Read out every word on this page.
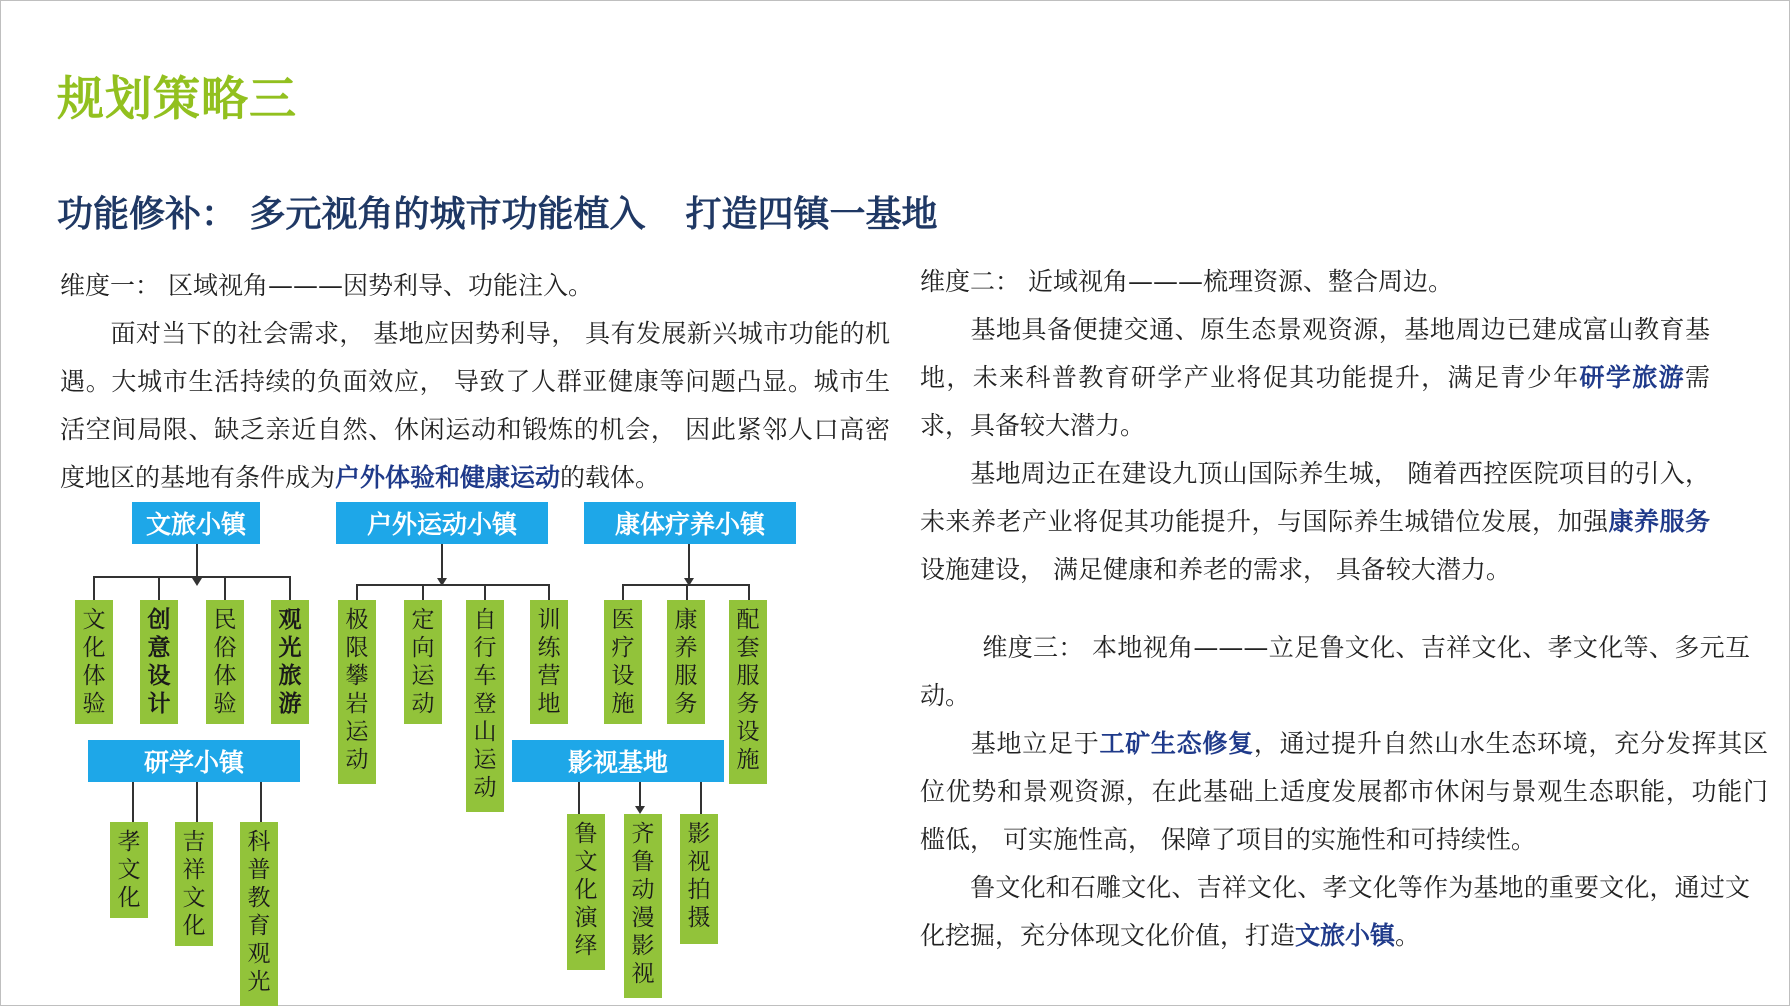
规划策略三
功能修补： 多元视角的城市功能植入 打造四镇一基地
维度一： 区域视角———因势利导、功能注入。
面对当下的社会需求， 基地应因势利导， 具有发展新兴城市功能的机遇。大城市生活持续的负面效应， 导致了人群亚健康等问题凸显。城市生活空间局限、缺乏亲近自然、休闲运动和锻炼的机会， 因此紧邻人口高密度地区的基地有条件成为户外体验和健康运动的载体。
维度二： 近域视角———梳理资源、整合周边。
基地具备便捷交通、原生态景观资源，基地周边已建成富山教育基地，未来科普教育研学产业将促其功能提升，满足青少年研学旅游需求，具备较大潜力。
基地周边正在建设九顶山国际养生城， 随着西控医院项目的引入，未来养老产业将促其功能提升，与国际养生城错位发展，加强康养服务设施建设， 满足健康和养老的需求， 具备较大潜力。
维度三： 本地视角———立足鲁文化、吉祥文化、孝文化等、多元互动。
基地立足于工矿生态修复，通过提升自然山水生态环境，充分发挥其区位优势和景观资源，在此基础上适度发展都市休闲与景观生态职能，功能门槛低， 可实施性高， 保障了项目的实施性和可持续性。
鲁文化和石雕文化、吉祥文化、孝文化等作为基地的重要文化，通过文化挖掘，充分体现文化价值，打造文旅小镇。
文旅小镇
文化体验
创意设计
民俗体验
观光旅游
户外运动小镇
极限攀岩运动
定向运动
自行车登山运动
训练营地
康体疗养小镇
医疗设施
康养服务
配套服务设施
研学小镇
孝文化
吉祥文化
科普教育观光
影视基地
鲁文化演绎
齐鲁动漫影视
影视拍摄
